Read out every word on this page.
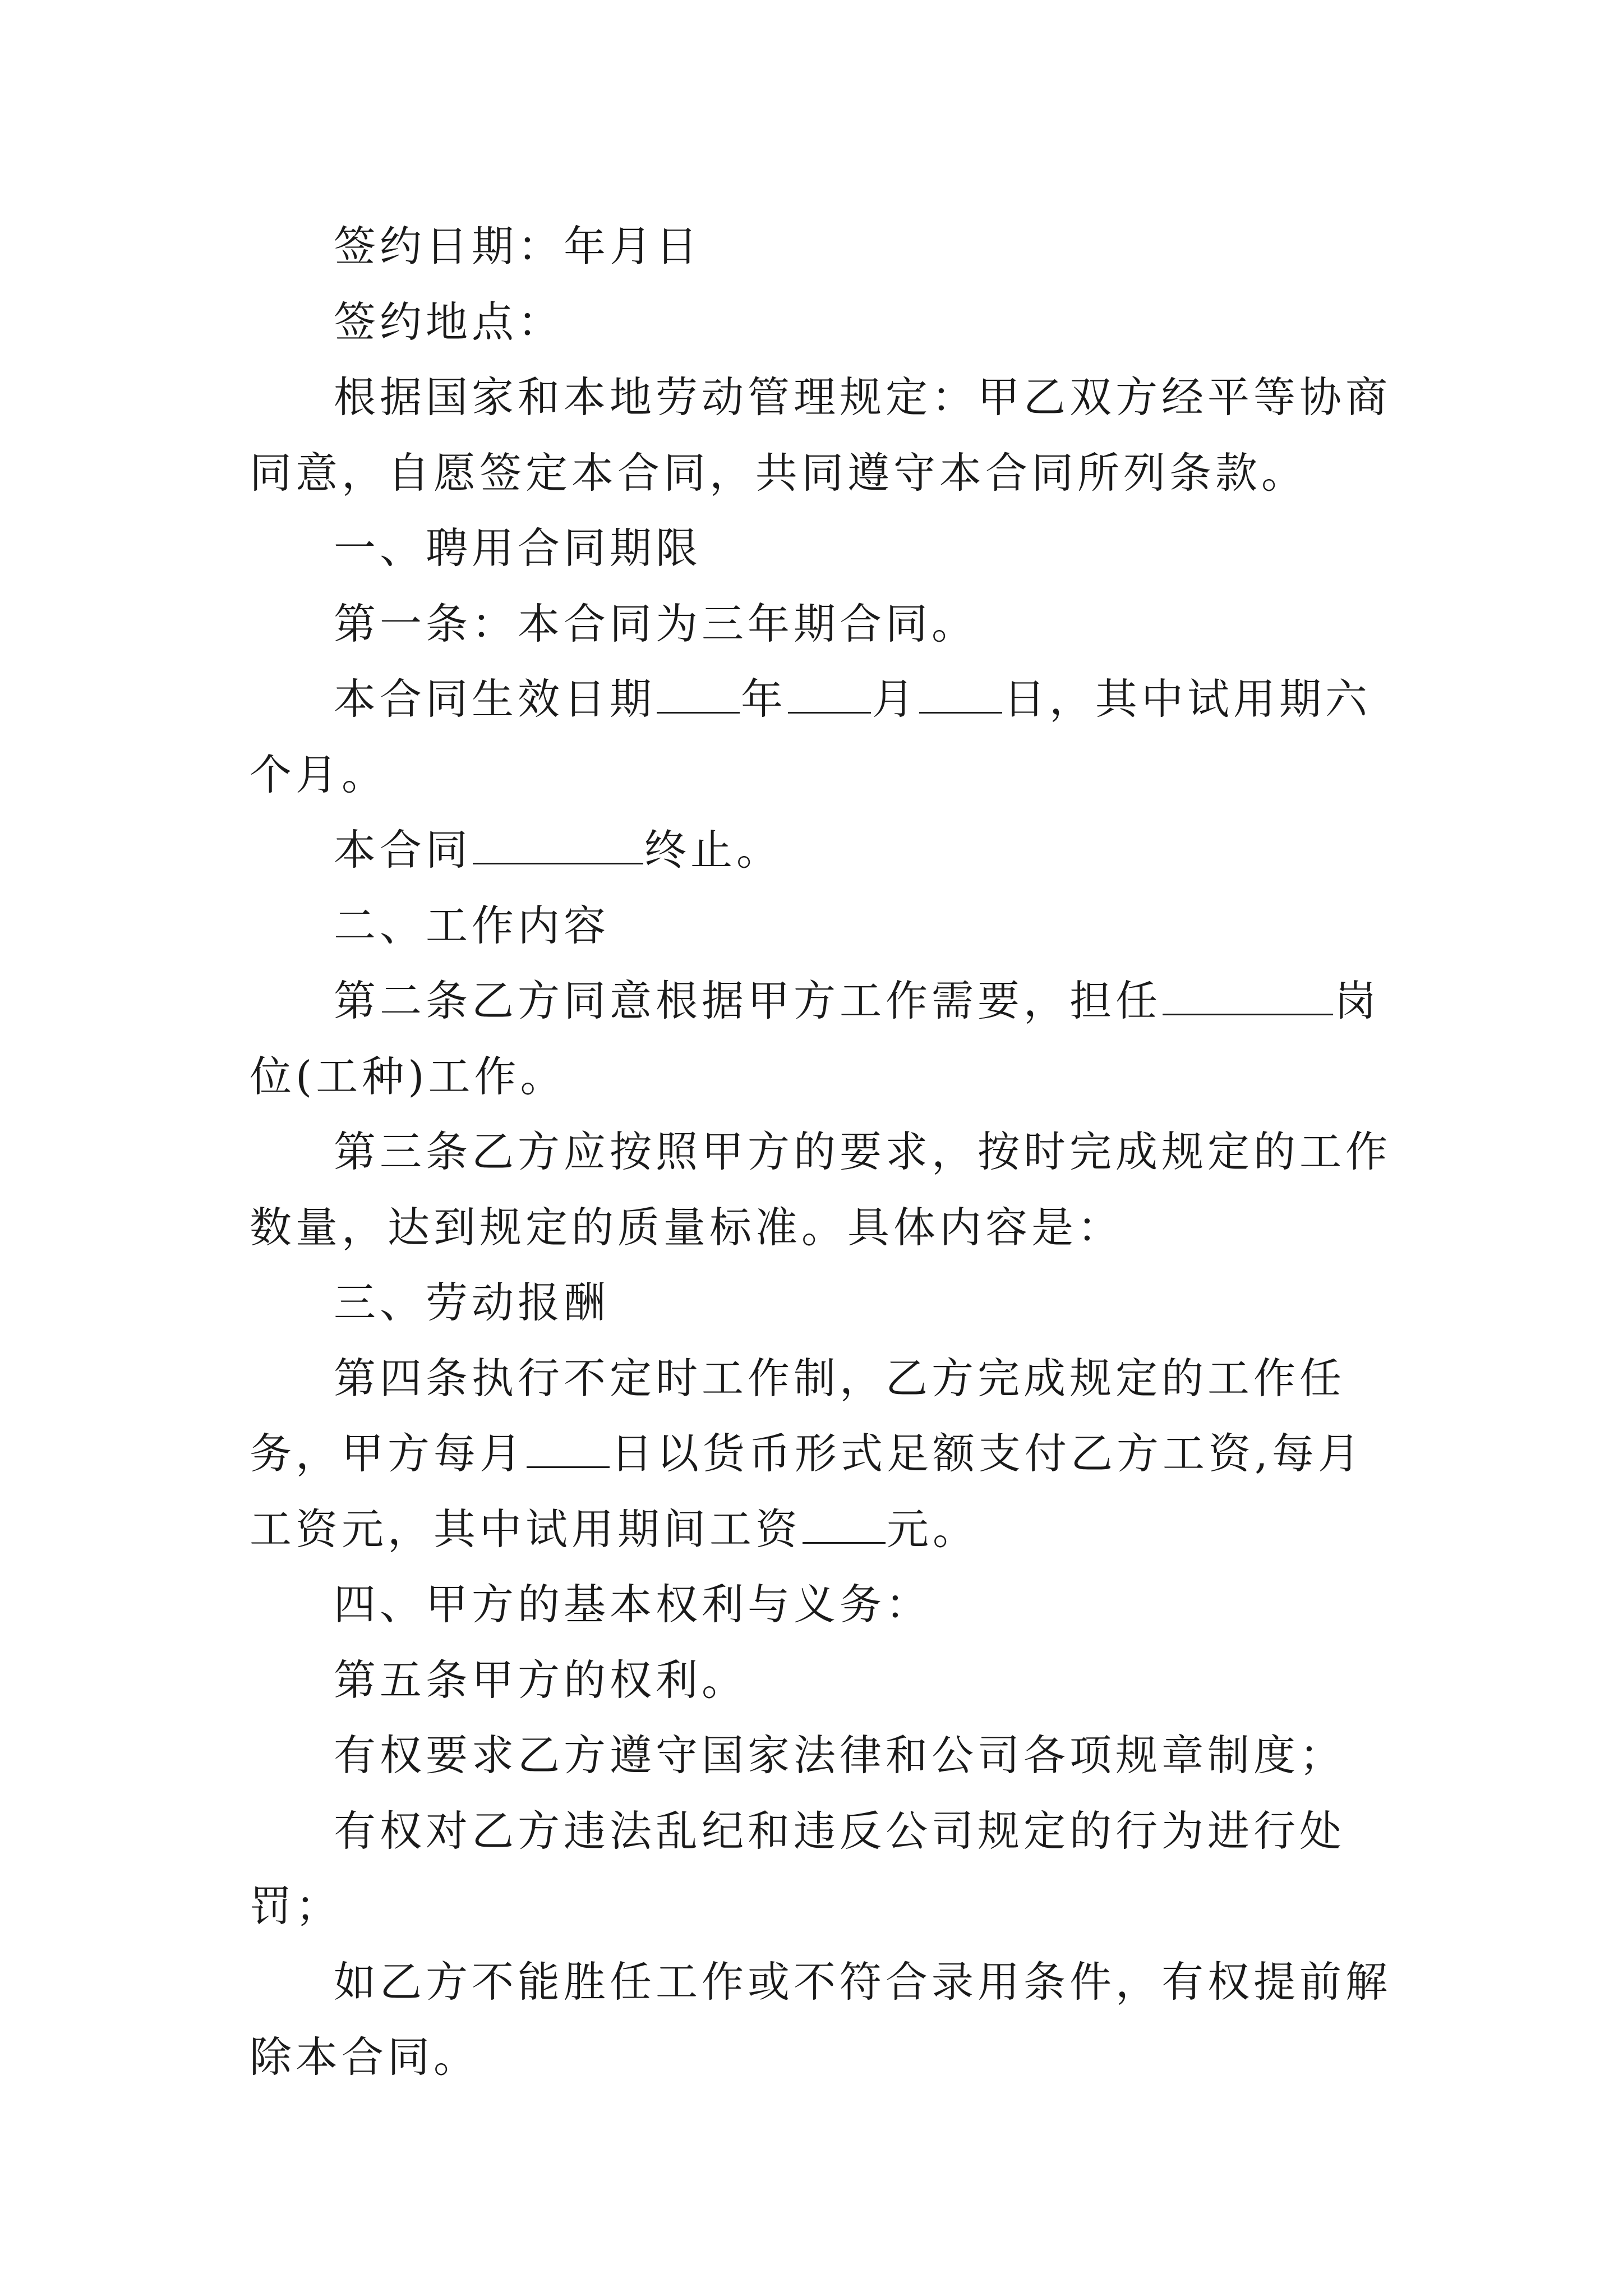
签约日期：年月日

签约地点：

根据国家和本地劳动管理规定：甲乙双方经平等协商同意，自愿签定本合同，共同遵守本合同所列条款。

一、聘用合同期限

第一条：本合同为三年期合同。

本合同生效日期 年 月 日，其中试用期六个月。

本合同	终止。

二、工作内容

第二条乙方同意根据甲方工作需要，担任	岗位(工种)工作。

第三条乙方应按照甲方的要求，按时完成规定的工作数量，达到规定的质量标准。具体内容是：

三、劳动报酬

第四条执行不定时工作制，乙方完成规定的工作任务，甲方每月 日以货币形式足额支付乙方工资,每月工资元，其中试用期间工资 元。

四、甲方的基本权利与义务：

第五条甲方的权利。

有权要求乙方遵守国家法律和公司各项规章制度；

有权对乙方违法乱纪和违反公司规定的行为进行处罚；

如乙方不能胜任工作或不符合录用条件，有权提前解除本合同。
